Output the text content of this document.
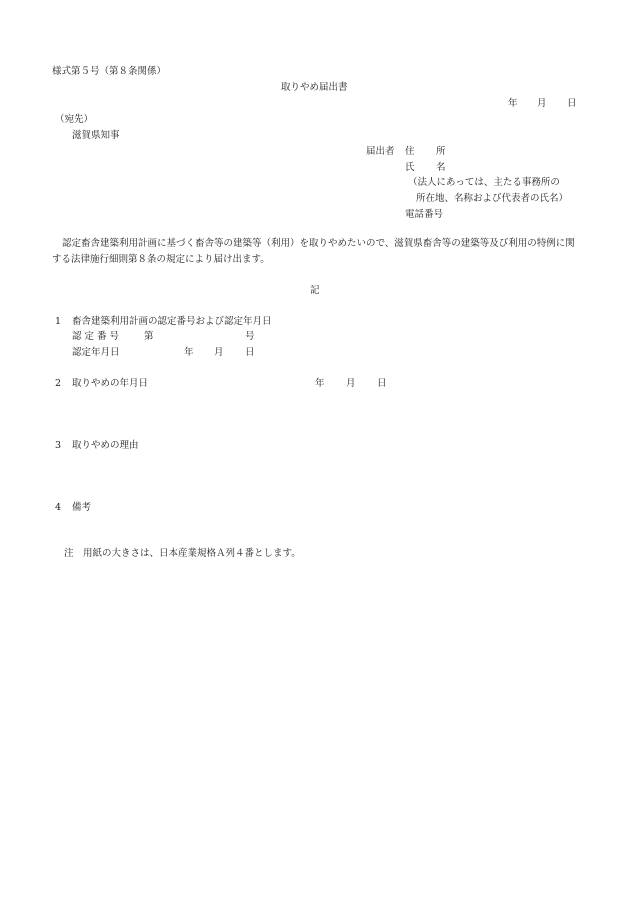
様式第５号（第８条関係）
取りやめ届出書
年 月 日
（宛先）
滋賀県知事
届出者 住 所
氏 名
（法人にあっては、主たる事務所の
所在地、名称および代表者の氏名）
電話番号
認定畜舎建築利用計画に基づく畜舎等の建築等（利用）を取りやめたいので、滋賀県畜舎等の建築等及び利用の特例に関する法律施行細則第８条の規定により届け出ます。
記
1 畜舎建築利用計画の認定番号および認定年月日
認 定 番 号	第	号
認定年月日	年 月 日
2 取りやめの年月日	年 月 日
3 取りやめの理由
4 備考
注 用紙の大きさは、日本産業規格Ａ列４番とします。
